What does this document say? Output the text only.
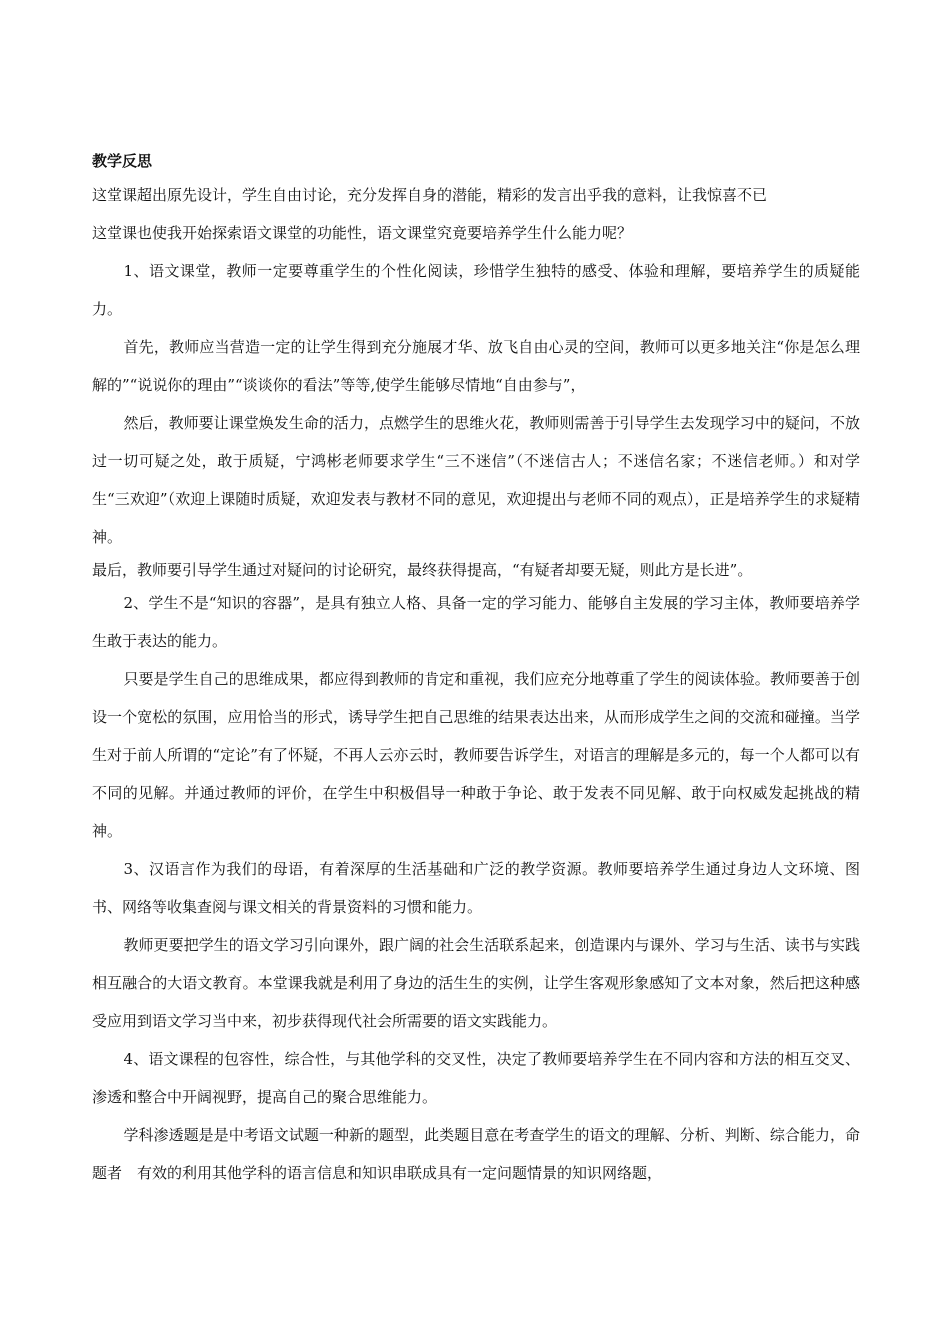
教学反思

这堂课超出原先设计，学生自由讨论，充分发挥自身的潜能，精彩的发言出乎我的意料，让我惊喜不已

这堂课也使我开始探索语文课堂的功能性，语文课堂究竟要培养学生什么能力呢？

1、语文课堂，教师一定要尊重学生的个性化阅读，珍惜学生独特的感受、体验和理解，要培养学生的质疑能力。

首先，教师应当营造一定的让学生得到充分施展才华、放飞自由心灵的空间，教师可以更多地关注“你是怎么理解的”“说说你的理由”“谈谈你的看法”等等,使学生能够尽情地“自由参与”，

然后，教师要让课堂焕发生命的活力，点燃学生的思维火花，教师则需善于引导学生去发现学习中的疑问，不放过一切可疑之处，敢于质疑，宁鸿彬老师要求学生“三不迷信”（不迷信古人；不迷信名家；不迷信老师。）和对学生“三欢迎”（欢迎上课随时质疑，欢迎发表与教材不同的意见，欢迎提出与老师不同的观点），正是培养学生的求疑精神。

最后，教师要引导学生通过对疑问的讨论研究，最终获得提高，“有疑者却要无疑，则此方是长进”。

2、学生不是“知识的容器”，是具有独立人格、具备一定的学习能力、能够自主发展的学习主体，教师要培养学生敢于表达的能力。

只要是学生自己的思维成果，都应得到教师的肯定和重视，我们应充分地尊重了学生的阅读体验。教师要善于创设一个宽松的氛围，应用恰当的形式，诱导学生把自己思维的结果表达出来，从而形成学生之间的交流和碰撞。当学生对于前人所谓的“定论”有了怀疑，不再人云亦云时，教师要告诉学生，对语言的理解是多元的，每一个人都可以有不同的见解。并通过教师的评价，在学生中积极倡导一种敢于争论、敢于发表不同见解、敢于向权威发起挑战的精神。

3、汉语言作为我们的母语，有着深厚的生活基础和广泛的教学资源。教师要培养学生通过身边人文环境、图书、网络等收集查阅与课文相关的背景资料的习惯和能力。

教师更要把学生的语文学习引向课外，跟广阔的社会生活联系起来，创造课内与课外、学习与生活、读书与实践相互融合的大语文教育。本堂课我就是利用了身边的活生生的实例，让学生客观形象感知了文本对象，然后把这种感受应用到语文学习当中来，初步获得现代社会所需要的语文实践能力。

4、语文课程的包容性，综合性，与其他学科的交叉性，决定了教师要培养学生在不同内容和方法的相互交叉、渗透和整合中开阔视野，提高自己的聚合思维能力。

学科渗透题是是中考语文试题一种新的题型，此类题目意在考查学生的语文的理解、分析、判断、综合能力，命题者　有效的利用其他学科的语言信息和知识串联成具有一定问题情景的知识网络题，
